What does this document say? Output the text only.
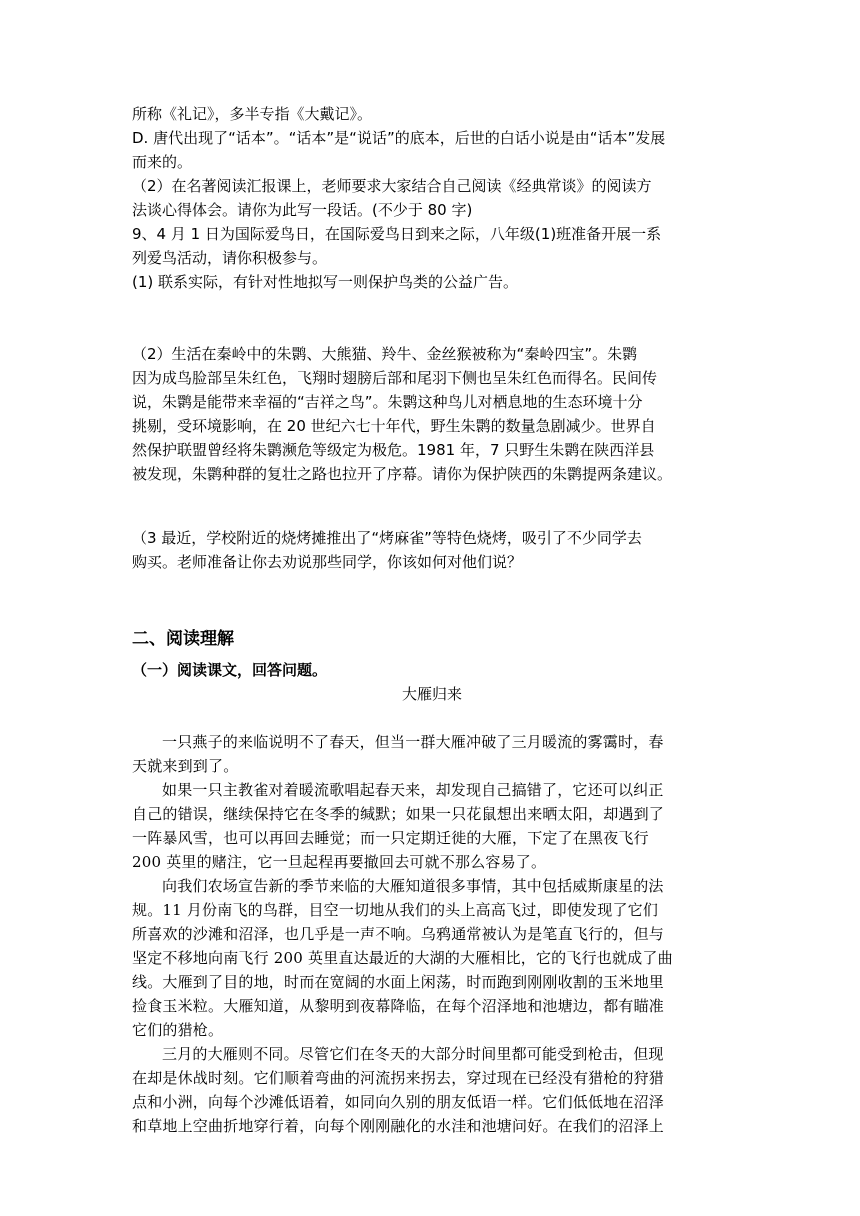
所称《礼记》，多半专指《大戴记》。

D. 唐代出现了“话本”。“话本”是“说话”的底本，后世的白话小说是由“话本”发展

而来的。

（2）在名著阅读汇报课上，老师要求大家结合自己阅读《经典常谈》的阅读方

法谈心得体会。请你为此写一段话。(不少于 80 字)

9、4 月 1 日为国际爱鸟日，在国际爱鸟日到来之际，八年级(1)班准备开展一系

列爱鸟活动，请你积极参与。

(1) 联系实际，有针对性地拟写一则保护鸟类的公益广告。

（2）生活在秦岭中的朱鹮、大熊猫、羚牛、金丝猴被称为“秦岭四宝”。朱鹮

因为成鸟脸部呈朱红色，飞翔时翅膀后部和尾羽下侧也呈朱红色而得名。民间传

说，朱鹮是能带来幸福的“吉祥之鸟”。朱鹮这种鸟儿对栖息地的生态环境十分

挑剔，受环境影响，在 20 世纪六七十年代，野生朱鹮的数量急剧减少。世界自

然保护联盟曾经将朱鹮濒危等级定为极危。1981 年，7 只野生朱鹮在陕西洋县

被发现，朱鹮种群的复壮之路也拉开了序幕。请你为保护陕西的朱鹮提两条建议。

（3 最近，学校附近的烧烤摊推出了“烤麻雀”等特色烧烤，吸引了不少同学去

购买。老师准备让你去劝说那些同学，你该如何对他们说？

二、阅读理解
（一）阅读课文，回答问题。

大雁归来

一只燕子的来临说明不了春天，但当一群大雁冲破了三月暖流的雾霭时，春

天就来到到了。

如果一只主教雀对着暖流歌唱起春天来，却发现自己搞错了，它还可以纠正

自己的错误，继续保持它在冬季的缄默；如果一只花鼠想出来晒太阳，却遇到了

一阵暴风雪，也可以再回去睡觉；而一只定期迁徙的大雁，下定了在黑夜飞行

200 英里的赌注，它一旦起程再要撤回去可就不那么容易了。

向我们农场宣告新的季节来临的大雁知道很多事情，其中包括威斯康星的法

规。11 月份南飞的鸟群，目空一切地从我们的头上高高飞过，即使发现了它们

所喜欢的沙滩和沼泽，也几乎是一声不响。乌鸦通常被认为是笔直飞行的，但与

坚定不移地向南飞行 200 英里直达最近的大湖的大雁相比，它的飞行也就成了曲

线。大雁到了目的地，时而在宽阔的水面上闲荡，时而跑到刚刚收割的玉米地里

捡食玉米粒。大雁知道，从黎明到夜幕降临，在每个沼泽地和池塘边，都有瞄准

它们的猎枪。

三月的大雁则不同。尽管它们在冬天的大部分时间里都可能受到枪击，但现

在却是休战时刻。它们顺着弯曲的河流拐来拐去，穿过现在已经没有猎枪的狩猎

点和小洲，向每个沙滩低语着，如同向久别的朋友低语一样。它们低低地在沼泽

和草地上空曲折地穿行着，向每个刚刚融化的水洼和池塘问好。在我们的沼泽上
